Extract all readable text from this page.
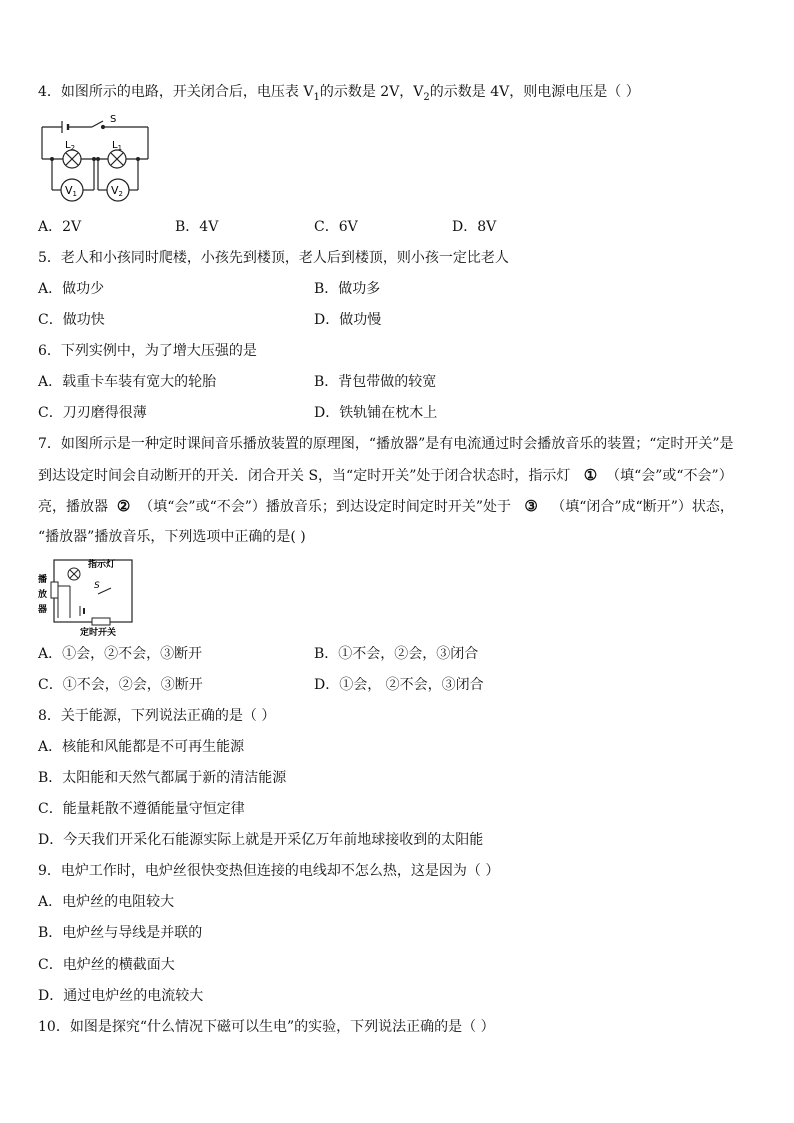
4．如图所示的电路，开关闭合后，电压表 $V_1$的示数是 2V，$V_2$的示数是 4V，则电源电压是（ ）
S
$L_2$	$L_1$
V1	V2
A．2V	B．4V	C．6V	D．8V
5．老人和小孩同时爬楼，小孩先到楼顶，老人后到楼顶，则小孩一定比老人
A．做功少	B．做功多
C．做功快	D．做功慢
6．下列实例中，为了增大压强的是
A．载重卡车装有宽大的轮胎	B．背包带做的较宽
C．刀刃磨得很薄	D．铁轨铺在枕木上
7．如图所示是一种定时课间音乐播放装置的原理图，“播放器”是有电流通过时会播放音乐的装置；“定时开关”是
到达设定时间会自动断开的开关．闭合开关 S，当“定时开关”处于闭合状态时，指示灯 ① （填“会”或“不会”）
亮，播放器 ② （填“会”或“不会”）播放音乐；到达设定时间定时开关”处于 ③ （填“闭合”成“断开”）状态，
“播放器”播放音乐，下列选项中正确的是( )
指示灯
播
放
器
S
定时开关
A．①会，②不会，③断开	B．①不会，②会，③闭合
C．①不会，②会，③断开	D．①会， ②不会，③闭合
8．关于能源，下列说法正确的是（ ）
A．核能和风能都是不可再生能源
B．太阳能和天然气都属于新的清洁能源
C．能量耗散不遵循能量守恒定律
D．今天我们开采化石能源实际上就是开采亿万年前地球接收到的太阳能
9．电炉工作时，电炉丝很快变热但连接的电线却不怎么热，这是因为（ ）
A．电炉丝的电阻较大
B．电炉丝与导线是并联的
C．电炉丝的横截面大
D．通过电炉丝的电流较大
10．如图是探究“什么情况下磁可以生电”的实验，下列说法正确的是（ ）
